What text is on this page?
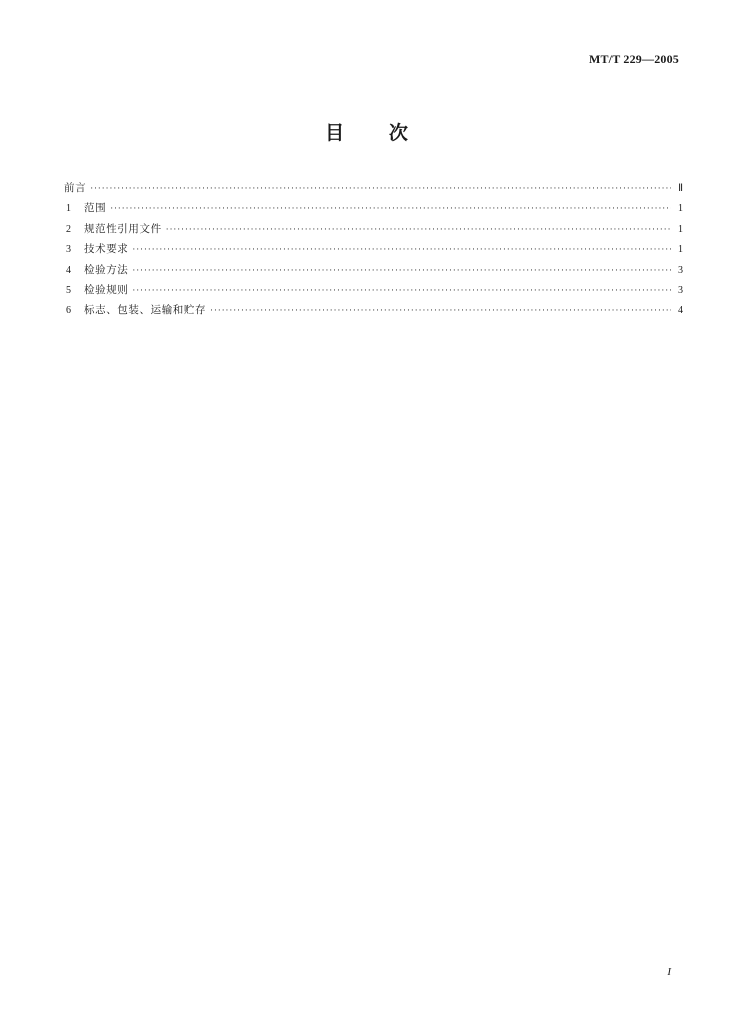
MT/T 229—2005
目 次
前言 ·····	Ⅱ
1	范围 ·····	1
2	规范性引用文件 ·····	1
3	技术要求 ·····	1
4	检验方法 ·····	3
5	检验规则 ·····	3
6	标志、包装、运输和贮存 ·····	4
I
